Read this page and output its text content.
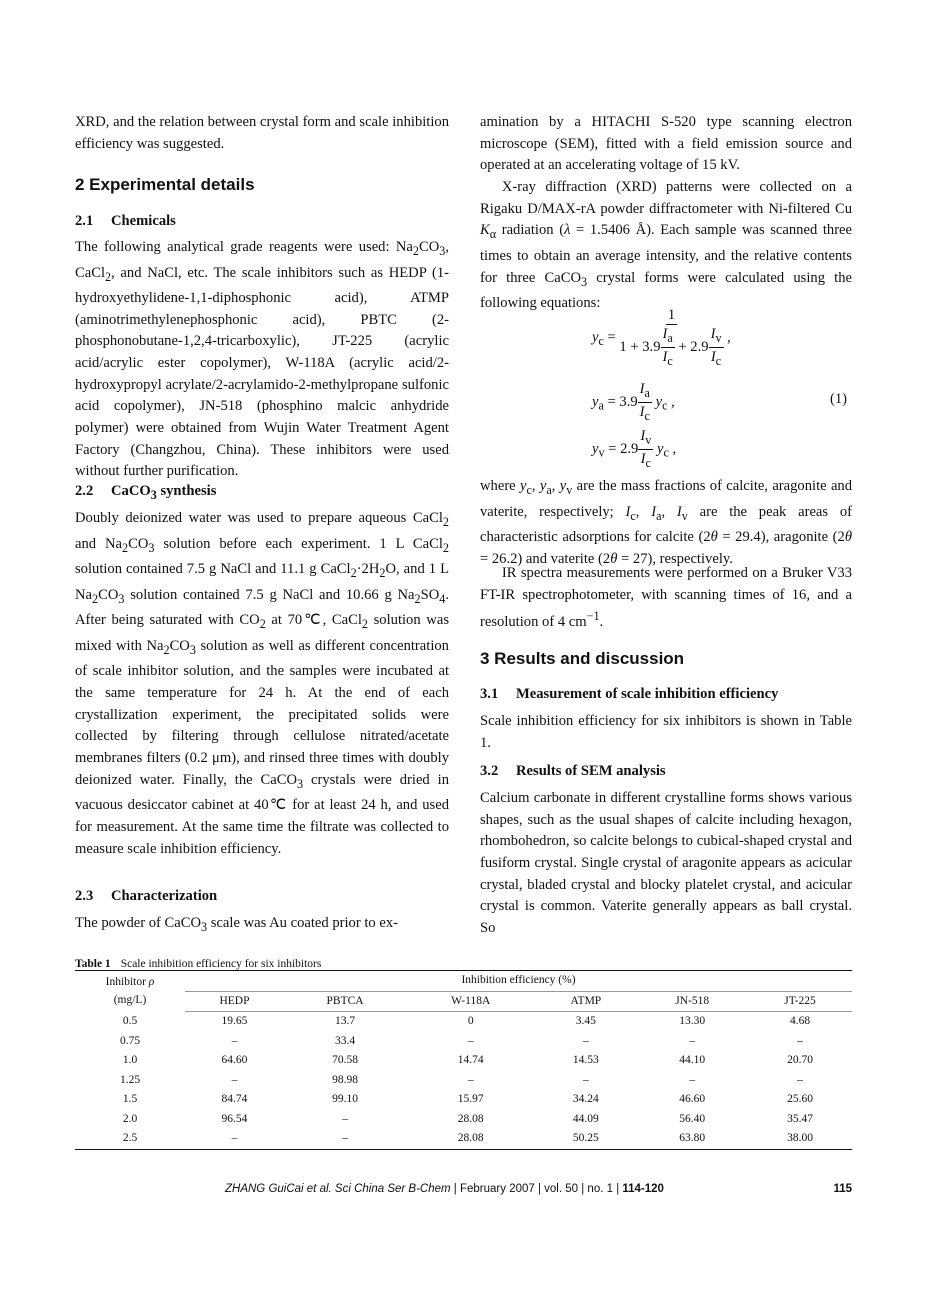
XRD, and the relation between crystal form and scale inhibition efficiency was suggested.

2 Experimental details
2.1 Chemicals

The following analytical grade reagents were used: $Na_2CO_3$, CaCl$_2$, and NaCl, etc. The scale inhibitors such as HEDP (1-hydroxyethylidene-1,1-diphosphonic acid), ATMP (aminotrimethylenephosphonic acid), PBTC (2-phosphonobutane-1,2,4-tricarboxylic), JT-225 (acrylic acid/acrylic ester copolymer), W-118A (acrylic acid/2-hydroxypropyl acrylate/2-acrylamido-2-methylpropane sulfonic acid copolymer), JN-518 (phosphino malcic anhydride polymer) were obtained from Wujin Water Treatment Agent Factory (Changzhou, China). These inhibitors were used without further purification.

2.2 CaCO$_3$ synthesis

Doubly deionized water was used to prepare aqueous CaCl$_2$ and $Na_2CO_3$ solution before each experiment. 1 L CaCl$_2$ solution contained 7.5 g NaCl and 11.1 g $CaCl_2\cdot 2H_2O$, and 1 L $Na_2CO_3$ solution contained 7.5 g NaCl and 10.66 g $Na_2SO_4$. After being saturated with $CO_2$ at 70℃, CaCl$_2$ solution was mixed with $Na_2CO_3$ solution as well as different concentration of scale inhibitor solution, and the samples were incubated at the same temperature for 24 h. At the end of each crystallization experiment, the precipitated solids were collected by filtering through cellulose nitrated/acetate membranes filters (0.2 μm), and rinsed three times with doubly deionized water. Finally, the CaCO$_3$ crystals were dried in vacuous desiccator cabinet at 40℃ for at least 24 h, and used for measurement. At the same time the filtrate was collected to measure scale inhibition efficiency.

2.3 Characterization

The powder of CaCO$_3$ scale was Au coated prior to ex-

amination by a HITACHI S-520 type scanning electron microscope (SEM), fitted with a field emission source and operated at an accelerating voltage of 15 kV.

X-ray diffraction (XRD) patterns were collected on a Rigaku D/MAX-rA powder diffractometer with Ni-filtered Cu $K_\alpha$ radiation (λ = 1.5406 Å). Each sample was scanned three times to obtain an average intensity, and the relative contents for three CaCO$_3$ crystal forms were calculated using the following equations:

$y_c = \frac{1}{1 + 3.9 \frac{I_a}{I_c} + 2.9 \frac{I_v}{I_c}}$ ,
$y_a = 3.9 \frac{I_a}{I_c} y_c$ ,	(1)
$y_v = 2.9 \frac{I_v}{I_c} y_c$ ,

where $y_c$, $y_a$, $y_v$ are the mass fractions of calcite, aragonite and vaterite, respectively; $I_c$, $I_a$, $I_v$ are the peak areas of characteristic adsorptions for calcite (2θ = 29.4), aragonite (2θ = 26.2) and vaterite (2θ = 27), respectively.

IR spectra measurements were performed on a Bruker V33 FT-IR spectrophotometer, with scanning times of 16, and a resolution of 4 $cm^{-1}$.

3 Results and discussion
3.1 Measurement of scale inhibition efficiency

Scale inhibition efficiency for six inhibitors is shown in Table 1.

3.2 Results of SEM analysis

Calcium carbonate in different crystalline forms shows various shapes, such as the usual shapes of calcite including hexagon, rhombohedron, so calcite belongs to cubical-shaped crystal and fusiform crystal. Single crystal of aragonite appears as acicular crystal, bladed crystal and blocky platelet crystal, and acicular crystal is common. Vaterite generally appears as ball crystal. So

Table 1 Scale inhibition efficiency for six inhibitors
Inhibitor ρ
(mg/L)	Inhibition efficiency (%)					
	HEDP	PBTCA	W-118A	ATMP	JN-518	JT-225
0.5	19.65	13.7	0	3.45	13.30	4.68
0.75	–	33.4	–	–	–	–
1.0	64.60	70.58	14.74	14.53	44.10	20.70
1.25	–	98.98	–	–	–	–
1.5	84.74	99.10	15.97	34.24	46.60	25.60
2.0	96.54	–	28.08	44.09	56.40	35.47
2.5	–	–	28.08	50.25	63.80	38.00
ZHANG GuiCai et al. Sci China Ser B-Chem | February 2007 | vol. 50 | no. 1 | 114-120	115
